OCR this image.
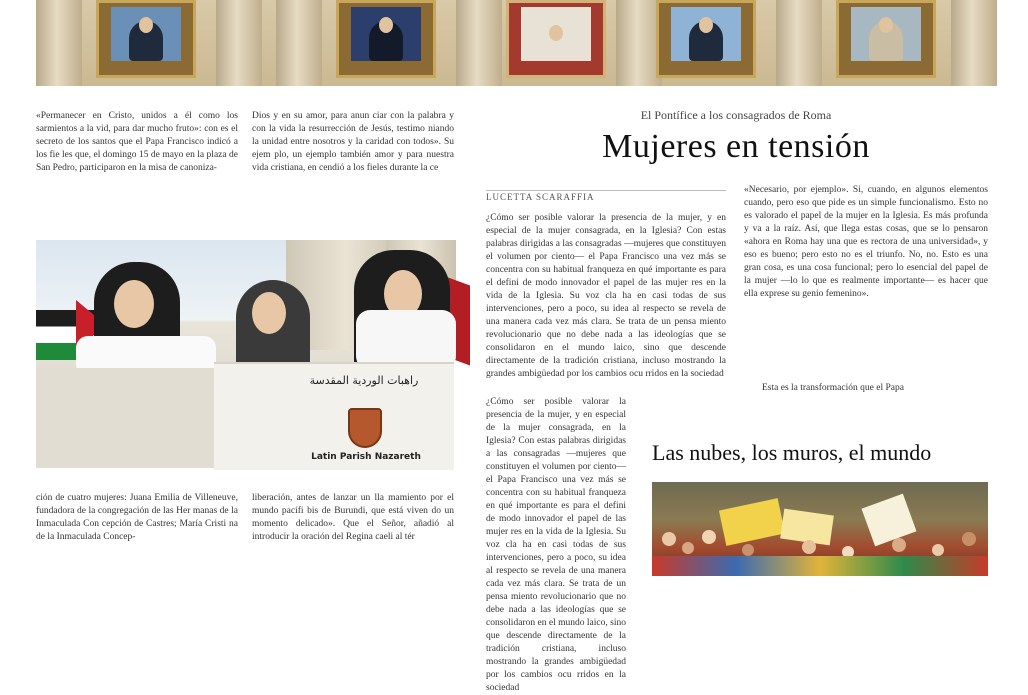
«Permanecer en Cristo, unidos a él como los sarmientos a la vid, para dar mucho fruto»: con es el secreto de los santos que el Papa Francisco indicó a los fie les que, el domingo 15 de mayo en la plaza de San Pedro, participaron en la misa de canoniza-
Dios y en su amor, para anun ciar con la palabra y con la vida la resurrección de Jesús, testimo niando la unidad entre nosotros y la caridad con todos». Su ejem plo, un ejemplo también amor y para nuestra vida cristiana, en cendió a los fieles durante la ce
راهبات الوردية المقدسة
Latin Parish Nazareth
ción de cuatro mujeres: Juana Emilia de Villeneuve, fundadora de la congregación de las Her manas de la Inmaculada Con cepción de Castres; María Cristi na de la Inmaculada Concep-
liberación, antes de lanzar un lla mamiento por el mundo pacífi bis de Burundi, que está viven do un momento delicado». Que el Señor, añadió al introducir la oración del Regina caeli al tér
El Pontífice a los consagrados de Roma
Mujeres en tensión
LUCETTA SCARAFFIA
¿Cómo ser posible valorar la presencia de la mujer, y en especial de la mujer consagrada, en la Iglesia? Con estas palabras dirigidas a las consagradas —mujeres que constituyen el volumen por ciento— el Papa Francisco una vez más se concentra con su habitual franqueza en qué importante es para el defini de modo innovador el papel de las mujer res en la vida de la Iglesia. Su voz cla ha en casi todas de sus intervenciones, pero a poco, su idea al respecto se revela de una manera cada vez más clara. Se trata de un pensa miento revolucionario que no debe nada a las ideologías que se consolidaron en el mundo laico, sino que descende directamente de la tradición cristiana, incluso mostrando la grandes ambigüedad por los cambios ocu rridos en la sociedad
¿Cómo ser posible valorar la presencia de la mujer, y en especial de la mujer consagrada, en la Iglesia? Con estas palabras dirigidas a las consagradas —mujeres que constituyen el volumen por ciento— el Papa Francisco una vez más se concentra con su habitual franqueza en qué importante es para el defini de modo innovador el papel de las mujer res en la vida de la Iglesia. Su voz cla ha en casi todas de sus intervenciones, pero a poco, su idea al respecto se revela de una manera cada vez más clara. Se trata de un pensa miento revolucionario que no debe nada a las ideologías que se consolidaron en el mundo laico, sino que descende directamente de la tradición cristiana, incluso mostrando la grandes ambigüedad por los cambios ocu rridos en la sociedad
«Necesario, por ejemplo». Si, cuando, en algunos elementos cuando, pero eso que pide es un simple funcionalismo. Esto no es valorado el papel de la mujer en la Iglesia. Es más profunda y va a la raíz. Así, que llega estas cosas, que se lo pensaron «ahora en Roma hay una que es rectora de una universidad», y eso es bueno; pero esto no es el triunfo. No, no. Esto es una gran cosa, es una cosa funcional; pero lo esencial del papel de la mujer —lo lo que es realmente importante— es hacer que ella exprese su genio femenino».
Esta es la transformación que el Papa
Las nubes, los muros, el mundo
